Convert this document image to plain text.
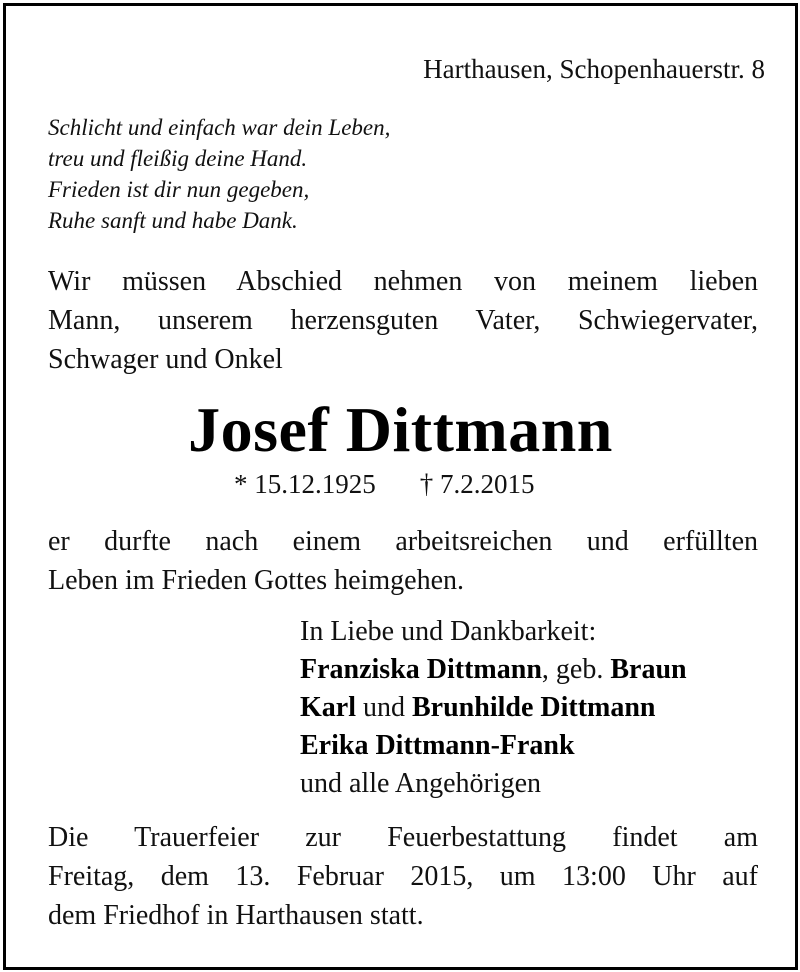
Harthausen, Schopenhauerstr. 8
Schlicht und einfach war dein Leben,
treu und fleißig deine Hand.
Frieden ist dir nun gegeben,
Ruhe sanft und habe Dank.
Wir müssen Abschied nehmen von meinem lieben
Mann, unserem herzensguten Vater, Schwiegervater,
Schwager und Onkel
Josef Dittmann
* 15.12.1925 † 7.2.2015
er durfte nach einem arbeitsreichen und erfüllten
Leben im Frieden Gottes heimgehen.
In Liebe und Dankbarkeit:
Franziska Dittmann, geb. Braun
Karl und Brunhilde Dittmann
Erika Dittmann-Frank
und alle Angehörigen
Die Trauerfeier zur Feuerbestattung findet am
Freitag, dem 13. Februar 2015, um 13:00 Uhr auf
dem Friedhof in Harthausen statt.
